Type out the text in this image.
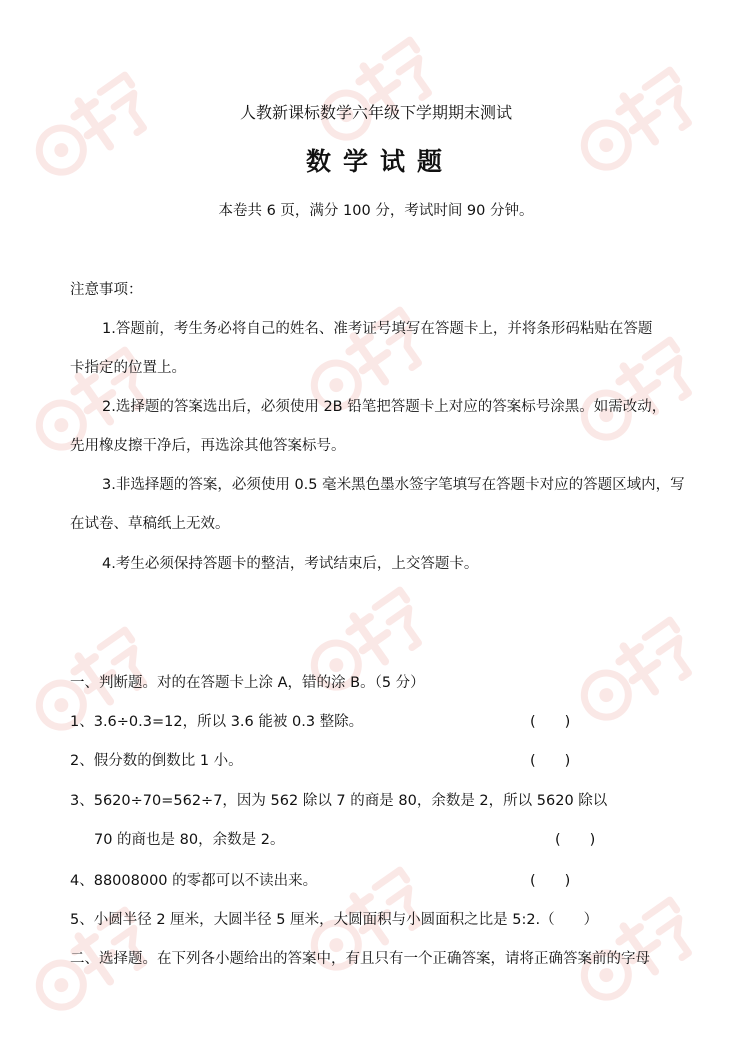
人教新课标数学六年级下学期期末测试
数学试题
本卷共 6 页，满分 100 分，考试时间 90 分钟。
注意事项：
1.答题前，考生务必将自己的姓名、准考证号填写在答题卡上，并将条形码粘贴在答题
卡指定的位置上。
2.选择题的答案选出后，必须使用 2B 铅笔把答题卡上对应的答案标号涂黑。如需改动，
先用橡皮擦干净后，再选涂其他答案标号。
3.非选择题的答案，必须使用 0.5 毫米黑色墨水签字笔填写在答题卡对应的答题区域内，写
在试卷、草稿纸上无效。
4.考生必须保持答题卡的整洁，考试结束后，上交答题卡。
一、判断题。对的在答题卡上涂 A，错的涂 B。（5 分）
1、3.6÷0.3=12，所以 3.6 能被 0.3 整除。	(　　)
2、假分数的倒数比 1 小。	(　　)
3、5620÷70=562÷7，因为 562 除以 7 的商是 80，余数是 2，所以 5620 除以
70 的商也是 80，余数是 2。	(　　)
4、88008000 的零都可以不读出来。	(　　)
5、小圆半径 2 厘米，大圆半径 5 厘米，大圆面积与小圆面积之比是 5:2.（　　）
二、选择题。在下列各小题给出的答案中，有且只有一个正确答案，请将正确答案前的字母
